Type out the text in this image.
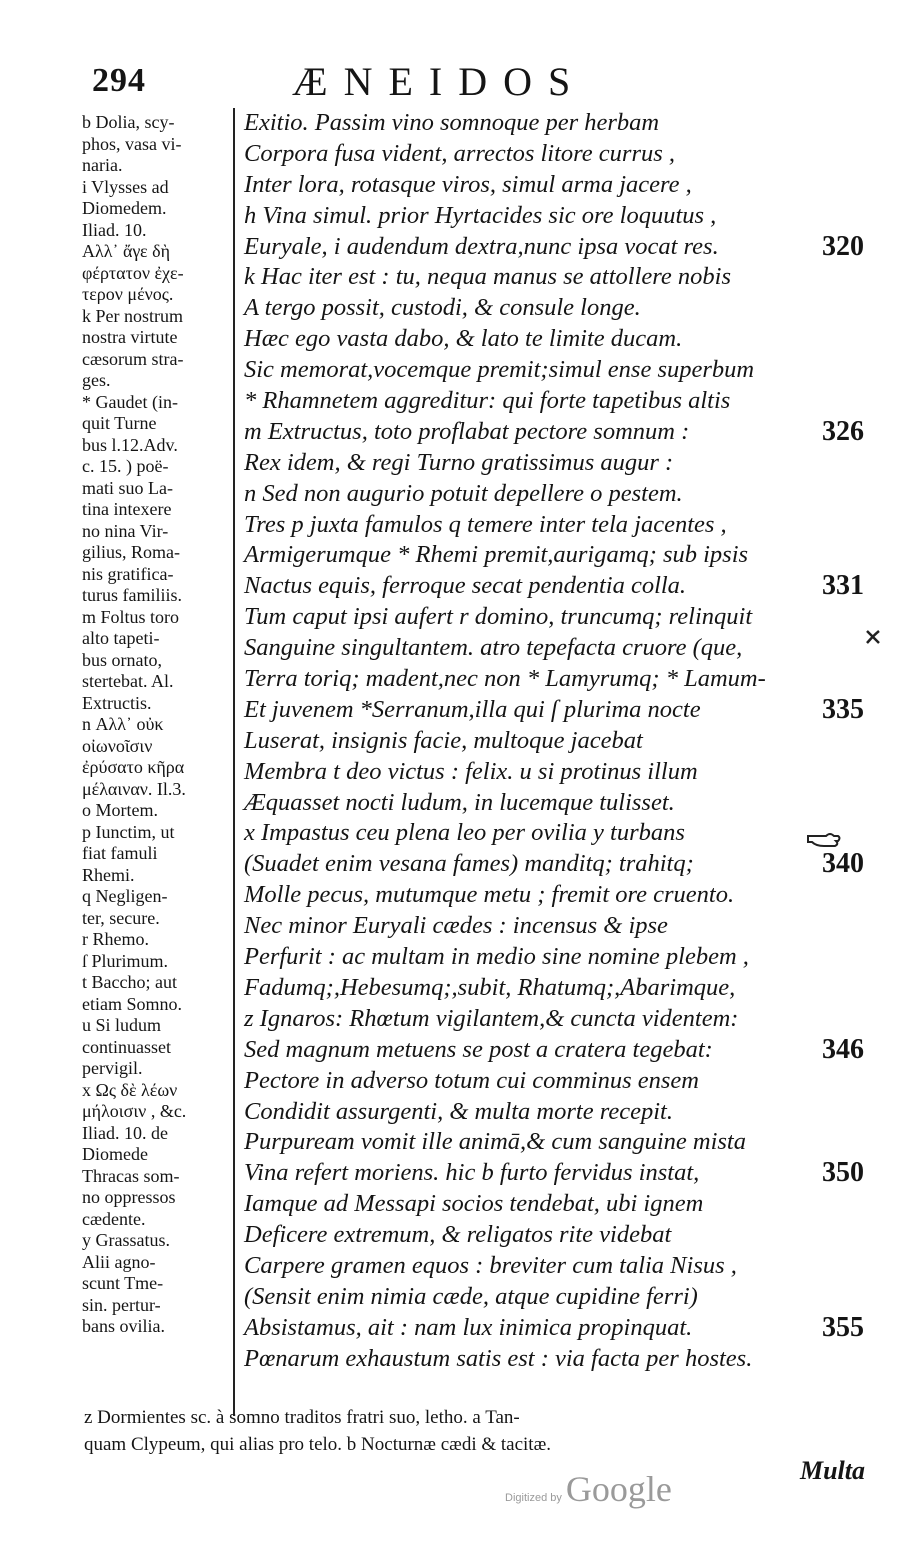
294	ÆNEIDOS
b Dolia, scy-
phos, vasa vi-
naria.
i Vlysses ad
Diomedem.
Iliad. 10.
Αλλ᾽ ἄγε δὴ
φέρτατον ἐχε-
τερον μένος.
k Per nostrum
nostra virtute
cæsorum stra-
ges.
* Gaudet (in-
quit Turne
bus l.12.Adv.
c. 15. ) poë-
mati suo La-
tina intexere
no nina Vir-
gilius, Roma-
nis gratifica-
turus familiis.
m Foltus toro
alto tapeti-
bus ornato,
stertebat. Al.
Extructis.
n Αλλ᾽ οὐκ
οἰωνοῖσιν
ἐρύσατο κῆρα
μέλαιναν. Il.3.
o Mortem.
p Iunctim, ut
fiat famuli
Rhemi.
q Negligen-
ter, secure.
r Rhemo.
ſ Plurimum.
t Baccho; aut
etiam Somno.
u Si ludum
continuasset
pervigil.
x Ως δὲ λέων
μήλοισιν , &c.
Iliad. 10. de
Diomede
Thracas som-
no oppressos
cædente.
y Grassatus.
Alii agno-
scunt Tme-
sin. pertur-
bans ovilia.
Exitio. Passim vino somnoque per herbam
Corpora fusa vident, arrectos litore currus ,
Inter lora, rotasque viros, simul arma jacere ,
h Vina simul. prior Hyrtacides sic ore loquutus ,
Euryale, i audendum dextra,nunc ipsa vocat res.	320
k Hac iter est : tu, nequa manus se attollere nobis
A tergo possit, custodi, & consule longe.
Hæc ego vasta dabo, & lato te limite ducam.
Sic memorat,vocemque premit;simul ense superbum
* Rhamnetem aggreditur: qui forte tapetibus altis
m Extructus, toto proflabat pectore somnum :	326
Rex idem, & regi Turno gratissimus augur :
n Sed non augurio potuit depellere o pestem.
Tres p juxta famulos q temere inter tela jacentes ,
Armigerumque * Rhemi premit,aurigamq; sub ipsis
Nactus equis, ferroque secat pendentia colla.	331
Tum caput ipsi aufert r domino, truncumq; relinquit
Sanguine singultantem. atro tepefacta cruore (que,
Terra toriq; madent,nec non * Lamyrumq; * Lamum-
Et juvenem *Serranum,illa qui ſ plurima nocte	335
Luserat, insignis facie, multoque jacebat
Membra t deo victus : felix. u si protinus illum
Æquasset nocti ludum, in lucemque tulisset.
x Impastus ceu plena leo per ovilia y turbans
(Suadet enim vesana fames) manditq; trahitq;	340
Molle pecus, mutumque metu ; fremit ore cruento.
Nec minor Euryali cædes : incensus & ipse
Perfurit : ac multam in medio sine nomine plebem ,
Fadumq;,Hebesumq;,subit, Rhatumq;,Abarimque,
z Ignaros: Rhœtum vigilantem,& cuncta videntem:
Sed magnum metuens se post a cratera tegebat:	346
Pectore in adverso totum cui comminus ensem
Condidit assurgenti, & multa morte recepit.
Purpuream vomit ille animā,& cum sanguine mista
Vina refert moriens. hic b furto fervidus instat,	350
Iamque ad Messapi socios tendebat, ubi ignem
Deficere extremum, & religatos rite videbat
Carpere gramen equos : breviter cum talia Nisus ,
(Sensit enim nimia cæde, atque cupidine ferri)
Absistamus, ait : nam lux inimica propinquat.	355
Pœnarum exhaustum satis est : via facta per hostes.
z Dormientes sc. à somno traditos fratri suo, letho. a Tan-
quam Clypeum, qui alias pro telo. b Nocturnæ cædi & tacitæ.
Multa
Digitized by Google
